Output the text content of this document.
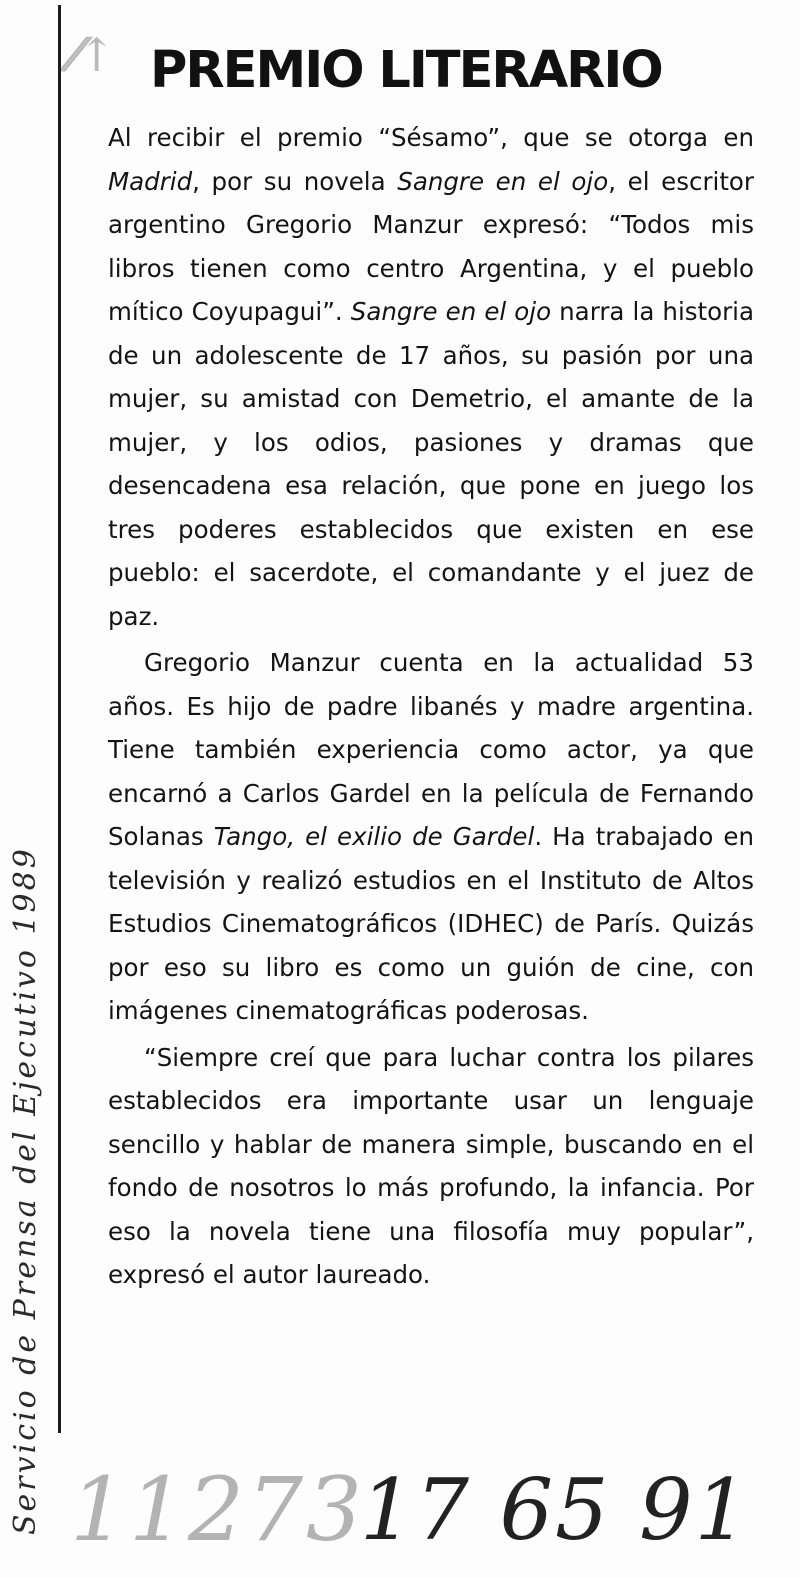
⁄⁄↑
Servicio de Prensa del Ejecutivo 1989
PREMIO LITERARIO

Al recibir el premio “Sésamo”, que se otorga en Madrid, por su novela Sangre en el ojo, el escritor argentino Gregorio Manzur expresó: “Todos mis libros tienen como centro Argentina, y el pueblo mítico Coyupagui”. Sangre en el ojo narra la historia de un adolescente de 17 años, su pasión por una mujer, su amistad con Demetrio, el amante de la mujer, y los odios, pasiones y dramas que desencadena esa relación, que pone en juego los tres poderes establecidos que existen en ese pueblo: el sacerdote, el comandante y el juez de paz.

Gregorio Manzur cuenta en la actualidad 53 años. Es hijo de padre libanés y madre argentina. Tiene también experiencia como actor, ya que encarnó a Carlos Gardel en la película de Fernando Solanas Tango, el exilio de Gardel. Ha trabajado en televisión y realizó estudios en el Instituto de Altos Estudios Cinematográficos (IDHEC) de París. Quizás por eso su libro es como un guión de cine, con imágenes cinematográficas poderosas.

“Siempre creí que para luchar contra los pilares establecidos era importante usar un lenguaje sencillo y hablar de manera simple, buscando en el fondo de nosotros lo más profundo, la infancia. Por eso la novela tiene una filosofía muy popular”, expresó el autor laureado.

11273
17 65 91
